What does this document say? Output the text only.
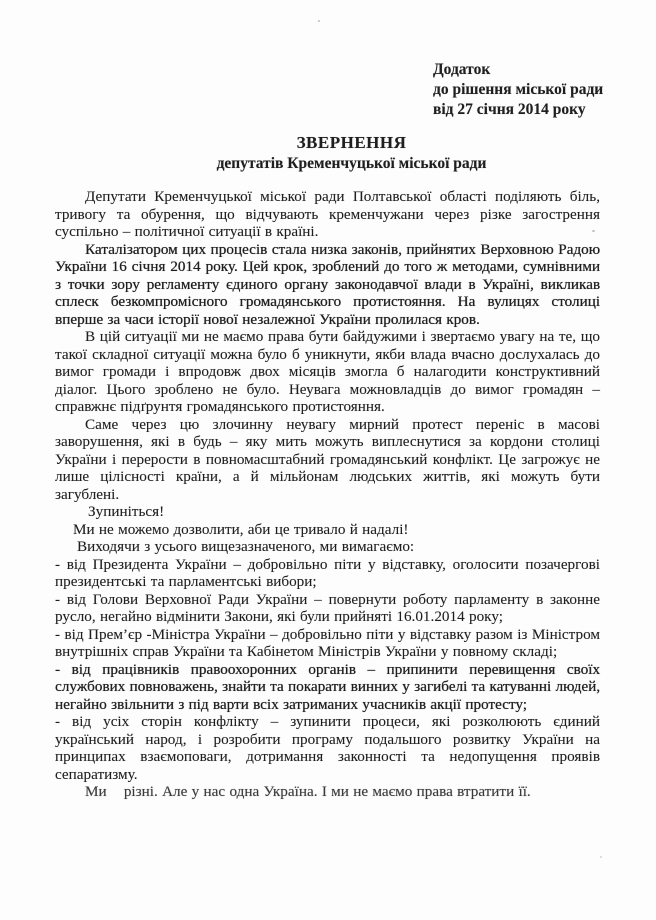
Додаток
до рішення міської ради
від 27 січня 2014 року
ЗВЕРНЕННЯ
депутатів Кременчуцької міської ради

Депутати Кременчуцької міської ради Полтавської області поділяють біль, тривогу та обурення, що відчувають кременчужани через різке загострення суспільно – політичної ситуації в країні.

Каталізатором цих процесів стала низка законів, прийнятих Верховною Радою України 16 січня 2014 року. Цей крок, зроблений до того ж методами, сумнівними з точки зору регламенту єдиного органу законодавчої влади в Україні, викликав сплеск безкомпромісного громадянського протистояння. На вулицях столиці вперше за часи історії нової незалежної України пролилася кров.

В цій ситуації ми не маємо права бути байдужими і звертаємо увагу на те, що такої складної ситуації можна було б уникнути, якби влада вчасно дослухалась до вимог громади і впродовж двох місяців змогла б налагодити конструктивний діалог. Цього зроблено не було. Неувага можновладців до вимог громадян – справжнє підґрунтя громадянського протистояння.

Саме через цю злочинну неувагу мирний протест переніс в масові заворушення, які в будь – яку мить можуть виплеснутися за кордони столиці України і перерости в повномасштабний громадянський конфлікт. Це загрожує не лише цілісності країни, а й мільйонам людських життів, які можуть бути загублені.

Зупиніться!

Ми не можемо дозволити, аби це тривало й надалі!

Виходячи з усього вищезазначеного, ми вимагаємо:

- від Президента України – добровільно піти у відставку, оголосити позачергові президентські та парламентські вибори;

- від Голови Верховної Ради України – повернути роботу парламенту в законне русло, негайно відмінити Закони, які були прийняті 16.01.2014 року;

- від Прем’єр -Міністра України – добровільно піти у відставку разом із Міністром внутрішніх справ України та Кабінетом Міністрів України у повному складі;

- від працівників правоохоронних органів – припинити перевищення своїх службових повноважень, знайти та покарати винних у загибелі та катуванні людей, негайно звільнити з під варти всіх затриманих учасників акції протесту;

- від усіх сторін конфлікту – зупинити процеси, які розколюють єдиний український народ, і розробити програму подальшого розвитку України на принципах взаємоповаги, дотримання законності та недопущення проявів сепаратизму.

Ми    різні. Але у нас одна Україна. І ми не маємо права втратити її.
